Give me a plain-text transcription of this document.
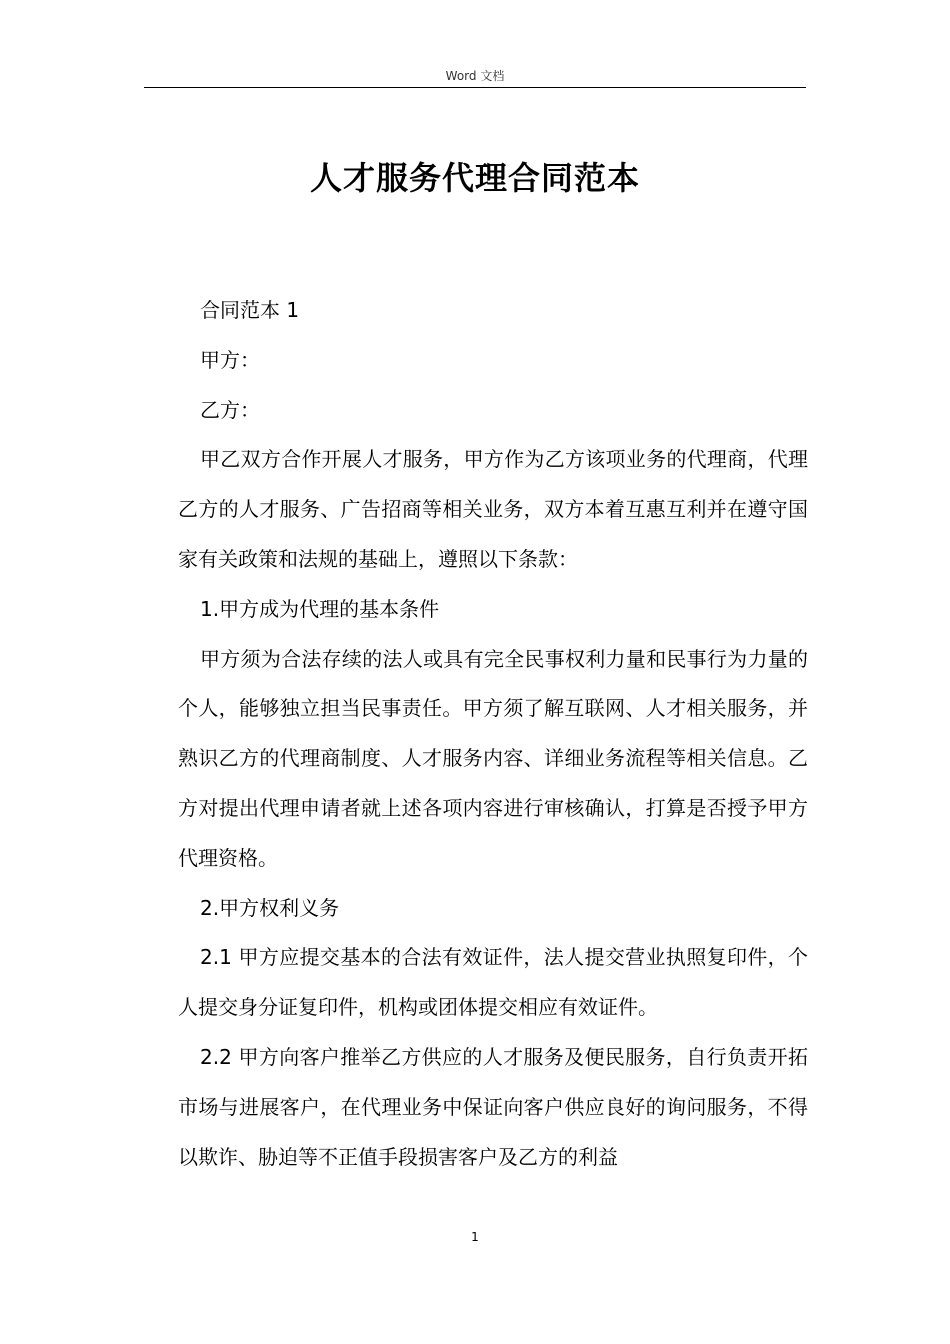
Word 文档
人才服务代理合同范本

合同范本 1

甲方：

乙方：

甲乙双方合作开展人才服务，甲方作为乙方该项业务的代理商，代理乙方的人才服务、广告招商等相关业务，双方本着互惠互利并在遵守国家有关政策和法规的基础上，遵照以下条款：

1.甲方成为代理的基本条件

甲方须为合法存续的法人或具有完全民事权利力量和民事行为力量的个人，能够独立担当民事责任。甲方须了解互联网、人才相关服务，并熟识乙方的代理商制度、人才服务内容、详细业务流程等相关信息。乙方对提出代理申请者就上述各项内容进行审核确认，打算是否授予甲方代理资格。

2.甲方权利义务

2.1 甲方应提交基本的合法有效证件，法人提交营业执照复印件，个人提交身分证复印件，机构或团体提交相应有效证件。

2.2 甲方向客户推举乙方供应的人才服务及便民服务，自行负责开拓市场与进展客户，在代理业务中保证向客户供应良好的询问服务，不得以欺诈、胁迫等不正值手段损害客户及乙方的利益

1
